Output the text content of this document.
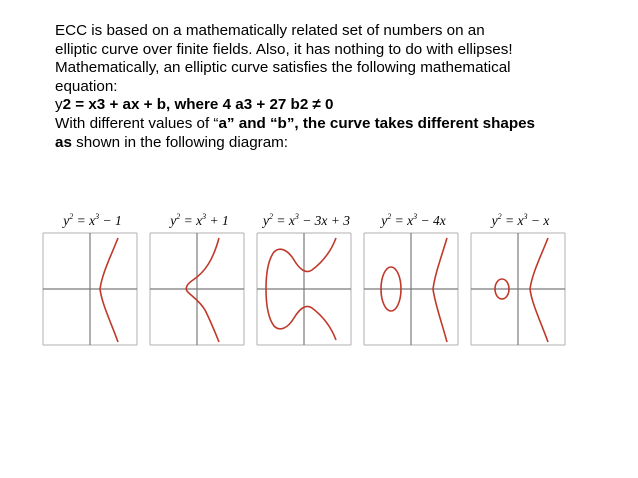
ECC is based on a mathematically related set of numbers on an
elliptic curve over finite fields. Also, it has nothing to do with ellipses!
Mathematically, an elliptic curve satisfies the following mathematical
equation:
y2 = x3 + ax + b, where 4 a3 + 27 b2 ≠ 0
With different values of “a” and “b”, the curve takes different shapes
as shown in the following diagram:
$y^2 = x^3 - 1$	$y^2 = x^3 + 1$	$y^2 = x^3 - 3x + 3$	$y^2 = x^3 - 4x$	$y^2 = x^3 - x$
